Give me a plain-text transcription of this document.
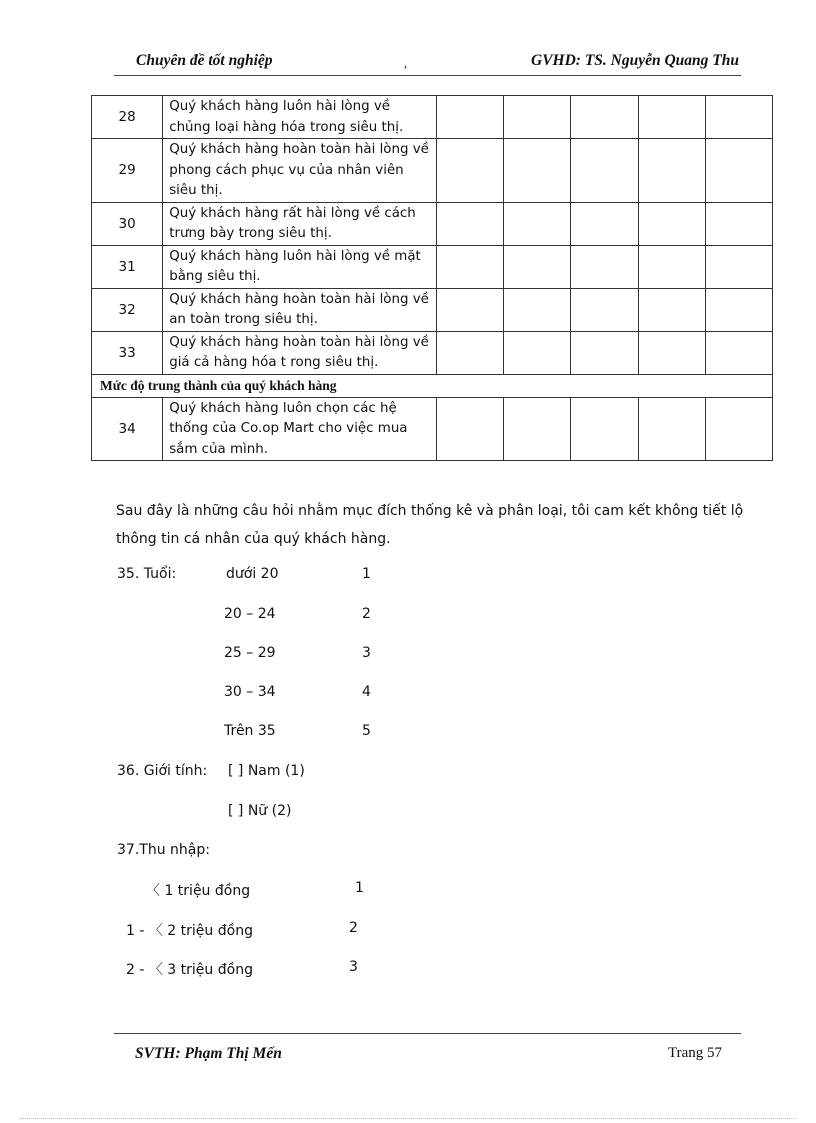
Chuyên đề tốt nghiệp	,	GVHD: TS. Nguyễn Quang Thu
28	Quý khách hàng luôn hài lòng về chủng loại hàng hóa trong siêu thị.					
29	Quý khách hàng hoàn toàn hài lòng về phong cách phục vụ của nhân viên siêu thị.					
30	Quý khách hàng rất hài lòng về cách trưng bày trong siêu thị.					
31	Quý khách hàng luôn hài lòng về mặt bằng siêu thị.					
32	Quý khách hàng hoàn toàn hài lòng về an toàn trong siêu thị.					
33	Quý khách hàng hoàn toàn hài lòng về giá cả hàng hóa t rong siêu thị.					
Mức độ trung thành của quý khách hàng						
34	Quý khách hàng luôn chọn các hệ thống của Co.op Mart cho việc mua sắm của mình.					
Sau đây là những câu hỏi nhằm mục đích thống kê và phân loại, tôi cam kết không tiết lộ thông tin cá nhân của quý khách hàng.
35. Tuổi:	dưới 20	1
20 – 24	2
25 – 29	3
30 – 34	4
Trên 35	5
36. Giới tính: [ ] Nam (1)
[ ] Nữ (2)
37.Thu nhập:
〈 1 triệu đồng	1
1 - 〈 2 triệu đồng	2
2 - 〈 3 triệu đồng	3
SVTH: Phạm Thị Mến	Trang 57
